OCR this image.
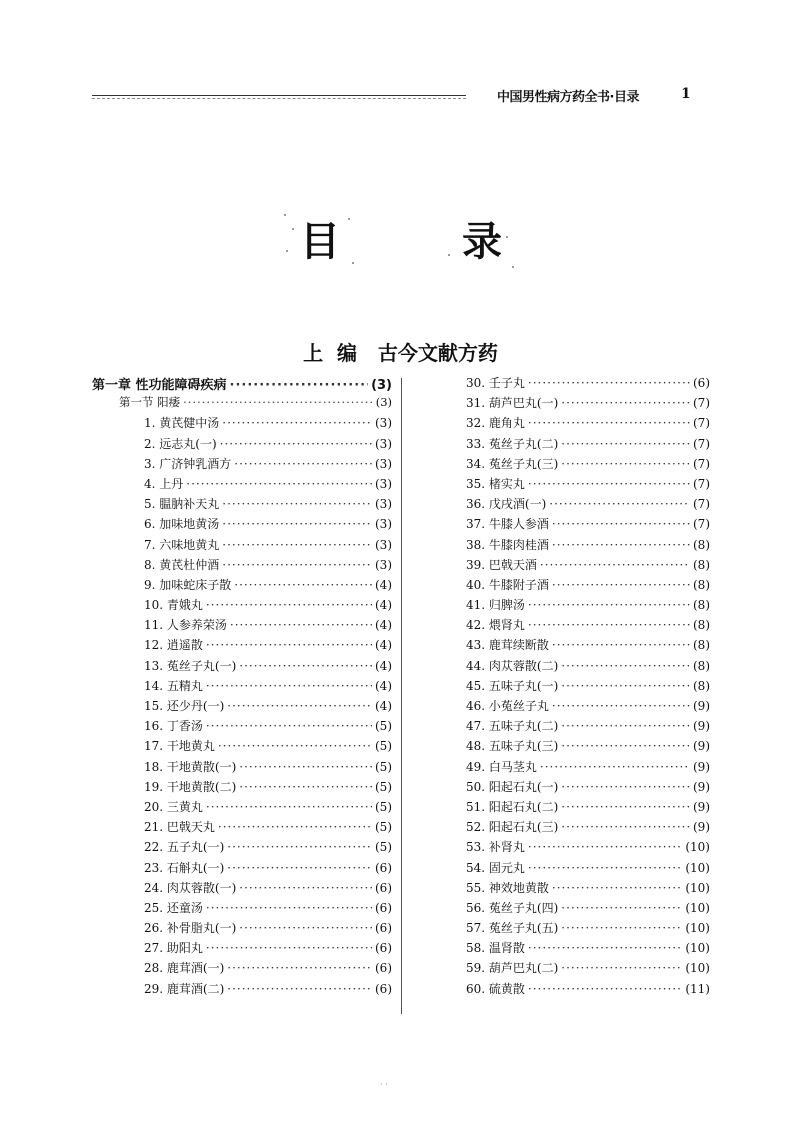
中国男性病方药全书·目录	1
目	录
上  编   古今文献方药
第一章 性功能障碍疾病 ·····	(3)
第一节 阳痿 ·····	(3)
1. 黄芪健中汤 ·····	(3)
2. 远志丸(一) ·····	(3)
3. 广济钟乳酒方 ·····	(3)
4. 上丹 ·····	(3)
5. 腽肭补天丸 ·····	(3)
6. 加味地黄汤 ·····	(3)
7. 六味地黄丸 ·····	(3)
8. 黄芪杜仲酒 ·····	(3)
9. 加味蛇床子散 ·····	(4)
10. 青娥丸 ·····	(4)
11. 人参养荣汤 ·····	(4)
12. 逍遥散 ·····	(4)
13. 菟丝子丸(一) ·····	(4)
14. 五精丸 ·····	(4)
15. 还少丹(一) ·····	(4)
16. 丁香汤 ·····	(5)
17. 干地黄丸 ·····	(5)
18. 干地黄散(一) ·····	(5)
19. 干地黄散(二) ·····	(5)
20. 三黄丸 ·····	(5)
21. 巴戟天丸 ·····	(5)
22. 五子丸(一) ·····	(5)
23. 石斛丸(一) ·····	(6)
24. 肉苁蓉散(一) ·····	(6)
25. 还童汤 ·····	(6)
26. 补骨脂丸(一) ·····	(6)
27. 助阳丸 ·····	(6)
28. 鹿茸酒(一) ·····	(6)
29. 鹿茸酒(二) ·····	(6)
30. 壬子丸 ·····	(6)
31. 葫芦巴丸(一) ·····	(7)
32. 鹿角丸 ·····	(7)
33. 菟丝子丸(二) ·····	(7)
34. 菟丝子丸(三) ·····	(7)
35. 楮实丸 ·····	(7)
36. 戊戌酒(一) ·····	(7)
37. 牛膝人参酒 ·····	(7)
38. 牛膝肉桂酒 ·····	(8)
39. 巴戟天酒 ·····	(8)
40. 牛膝附子酒 ·····	(8)
41. 归脾汤 ·····	(8)
42. 煨肾丸 ·····	(8)
43. 鹿茸续断散 ·····	(8)
44. 肉苁蓉散(二) ·····	(8)
45. 五味子丸(一) ·····	(8)
46. 小菟丝子丸 ·····	(9)
47. 五味子丸(二) ·····	(9)
48. 五味子丸(三) ·····	(9)
49. 白马茎丸 ·····	(9)
50. 阳起石丸(一) ·····	(9)
51. 阳起石丸(二) ·····	(9)
52. 阳起石丸(三) ·····	(9)
53. 补肾丸 ·····	(10)
54. 固元丸 ·····	(10)
55. 神效地黄散 ·····	(10)
56. 菟丝子丸(四) ·····	(10)
57. 菟丝子丸(五) ·····	(10)
58. 温肾散 ·····	(10)
59. 葫芦巴丸(二) ·····	(10)
60. 硫黄散 ·····	(11)
· ·
